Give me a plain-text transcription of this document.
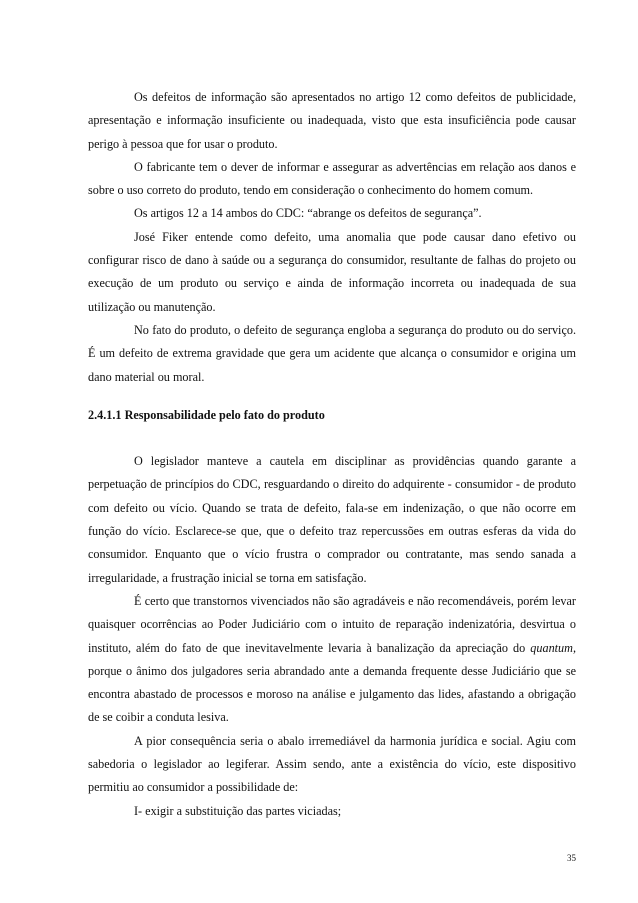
Os defeitos de informação são apresentados no artigo 12 como defeitos de publicidade, apresentação e informação insuficiente ou inadequada, visto que esta insuficiência pode causar perigo à pessoa que for usar o produto.

O fabricante tem o dever de informar e assegurar as advertências em relação aos danos e sobre o uso correto do produto, tendo em consideração o conhecimento do homem comum.

Os artigos 12 a 14 ambos do CDC: “abrange os defeitos de segurança”.

José Fiker entende como defeito, uma anomalia que pode causar dano efetivo ou configurar risco de dano à saúde ou a segurança do consumidor, resultante de falhas do projeto ou execução de um produto ou serviço e ainda de informação incorreta ou inadequada de sua utilização ou manutenção.

No fato do produto, o defeito de segurança engloba a segurança do produto ou do serviço. É um defeito de extrema gravidade que gera um acidente que alcança o consumidor e origina um dano material ou moral.

2.4.1.1 Responsabilidade pelo fato do produto

O legislador manteve a cautela em disciplinar as providências quando garante a perpetuação de princípios do CDC, resguardando o direito do adquirente - consumidor - de produto com defeito ou vício. Quando se trata de defeito, fala-se em indenização, o que não ocorre em função do vício. Esclarece-se que, que o defeito traz repercussões em outras esferas da vida do consumidor. Enquanto que o vício frustra o comprador ou contratante, mas sendo sanada a irregularidade, a frustração inicial se torna em satisfação.

É certo que transtornos vivenciados não são agradáveis e não recomendáveis, porém levar quaisquer ocorrências ao Poder Judiciário com o intuito de reparação indenizatória, desvirtua o instituto, além do fato de que inevitavelmente levaria à banalização da apreciação do quantum, porque o ânimo dos julgadores seria abrandado ante a demanda frequente desse Judiciário que se encontra abastado de processos e moroso na análise e julgamento das lides, afastando a obrigação de se coibir a conduta lesiva.

A pior consequência seria o abalo irremediável da harmonia jurídica e social. Agiu com sabedoria o legislador ao legiferar. Assim sendo, ante a existência do vício, este dispositivo permitiu ao consumidor a possibilidade de:

I- exigir a substituição das partes viciadas;

35
